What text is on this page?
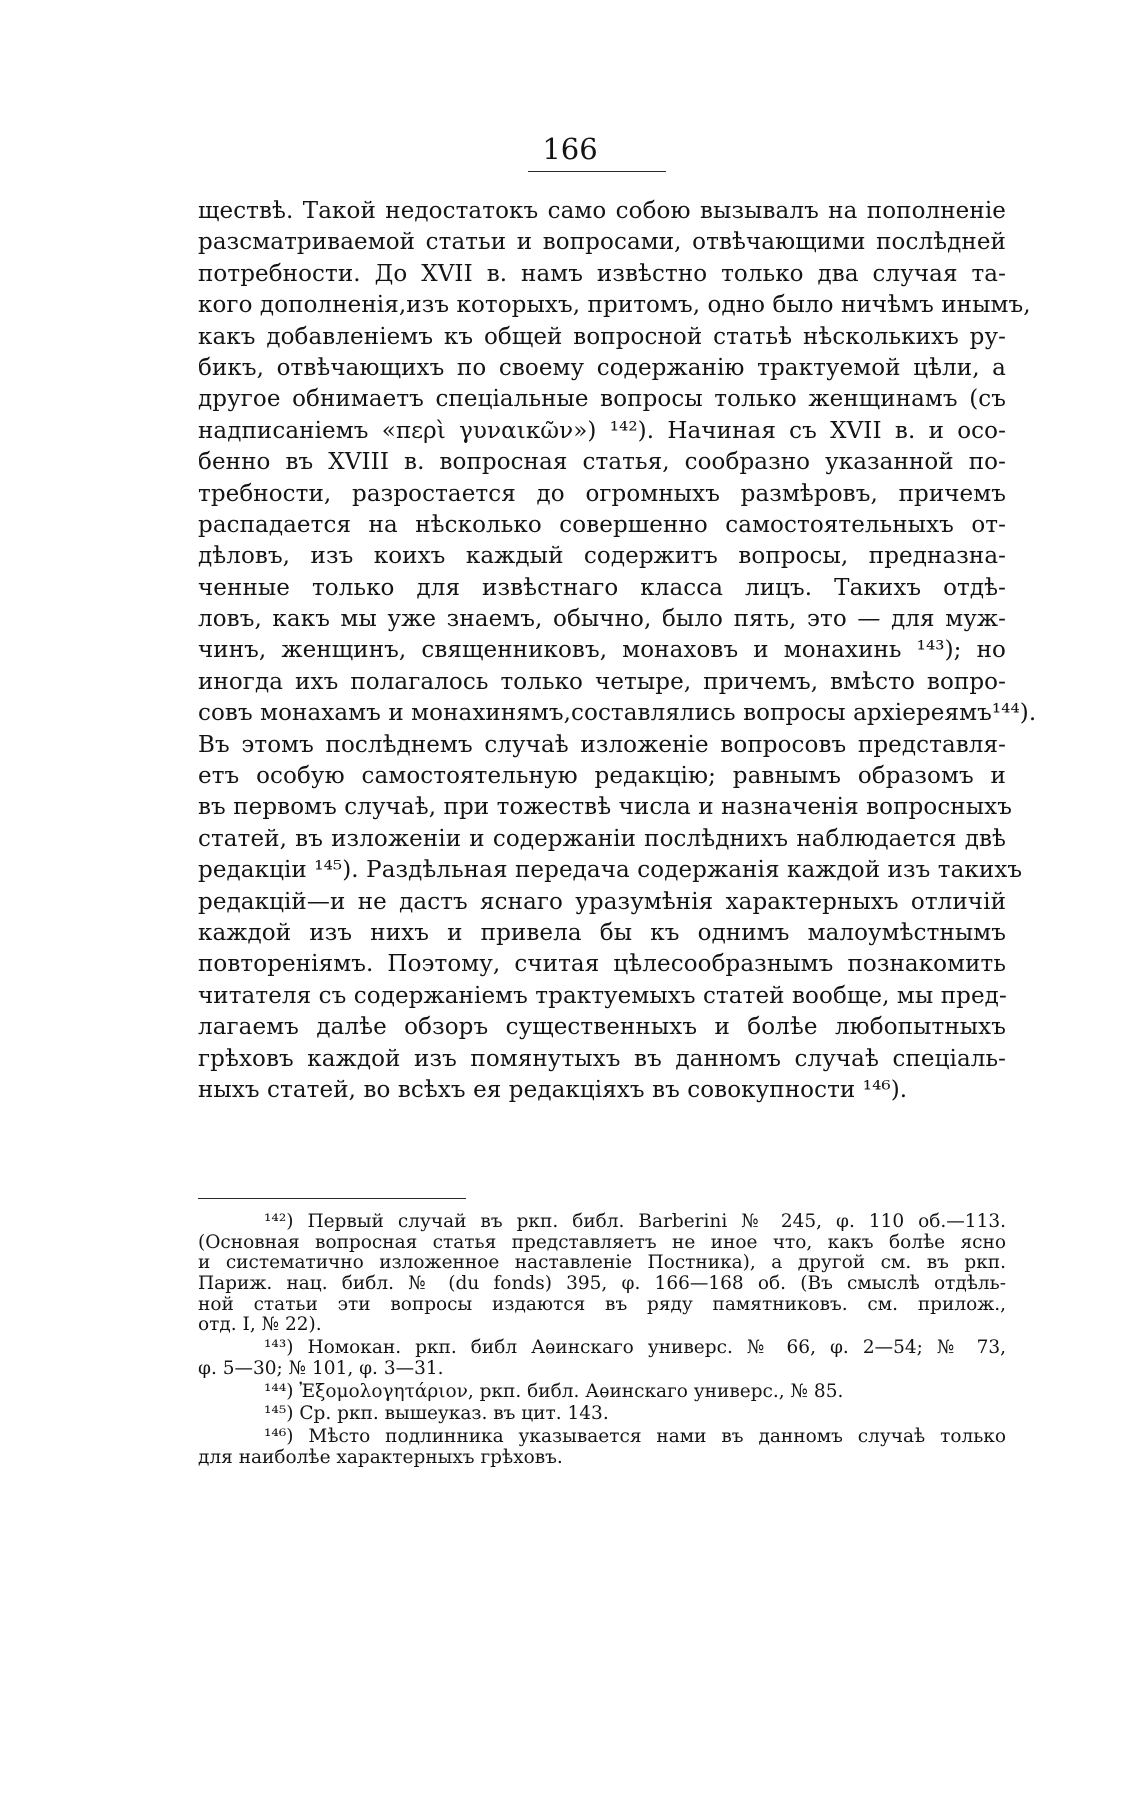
166
ществѣ. Такой недостатокъ само собою вызывалъ на пополненіе
разсматриваемой статьи и вопросами, отвѣчающими послѣдней
потребности. До XVII в. намъ извѣстно только два случая та-
кого дополненія,изъ которыхъ, притомъ, одно было ничѣмъ инымъ,
какъ добавленіемъ къ общей вопросной статьѣ нѣсколькихъ ру-
бикъ, отвѣчающихъ по своему содержанію трактуемой цѣли, а
другое обнимаетъ спеціальные вопросы только женщинамъ (съ
надписаніемъ «περὶ γυναικῶν») ¹⁴²). Начиная съ XVII в. и осо-
бенно въ XVIII в. вопросная статья, сообразно указанной по-
требности, разростается до огромныхъ размѣровъ, причемъ
распадается на нѣсколько совершенно самостоятельныхъ от-
дѣловъ, изъ коихъ каждый содержитъ вопросы, предназна-
ченные только для извѣстнаго класса лицъ. Такихъ отдѣ-
ловъ, какъ мы уже знаемъ, обычно, было пять, это — для муж-
чинъ, женщинъ, священниковъ, монаховъ и монахинь ¹⁴³); но
иногда ихъ полагалось только четыре, причемъ, вмѣсто вопро-
совъ монахамъ и монахинямъ,составлялись вопросы архіереямъ¹⁴⁴).
Въ этомъ послѣднемъ случаѣ изложеніе вопросовъ представля-
етъ особую самостоятельную редакцію; равнымъ образомъ и
въ первомъ случаѣ, при тожествѣ числа и назначенія вопросныхъ
статей, въ изложеніи и содержаніи послѣднихъ наблюдается двѣ
редакціи ¹⁴⁵). Раздѣльная передача содержанія каждой изъ такихъ
редакцій—и не дастъ яснаго уразумѣнія характерныхъ отличій
каждой изъ нихъ и привела бы къ однимъ малоумѣстнымъ
повтореніямъ. Поэтому, считая цѣлесообразнымъ познакомить
читателя съ содержаніемъ трактуемыхъ статей вообще, мы пред-
лагаемъ далѣе обзоръ существенныхъ и болѣе любопытныхъ
грѣховъ каждой изъ помянутыхъ въ данномъ случаѣ спеціаль-
ныхъ статей, во всѣхъ ея редакціяхъ въ совокупности ¹⁴⁶).
¹⁴²) Первый случай въ ркп. библ. Barberini № 245, φ. 110 об.—113.
(Основная вопросная статья представляетъ не иное что, какъ болѣе ясно
и систематично изложенное наставленіе Постника), а другой см. въ ркп.
Париж. нац. библ. № (du fonds) 395, φ. 166—168 об. (Въ смыслѣ отдѣль-
ной статьи эти вопросы издаются въ ряду памятниковъ. см. прилож.,
отд. I, № 22).
¹⁴³) Номокан. ркп. библ Аѳинскаго универс. № 66, φ. 2—54; № 73,
φ. 5—30; № 101, φ. 3—31.
¹⁴⁴) Ἐξομολογητάριον, ркп. библ. Аѳинскаго универс., № 85.
¹⁴⁵) Ср. ркп. вышеуказ. въ цит. 143.
¹⁴⁶) Мѣсто подлинника указывается нами въ данномъ случаѣ только
для наиболѣе характерныхъ грѣховъ.
